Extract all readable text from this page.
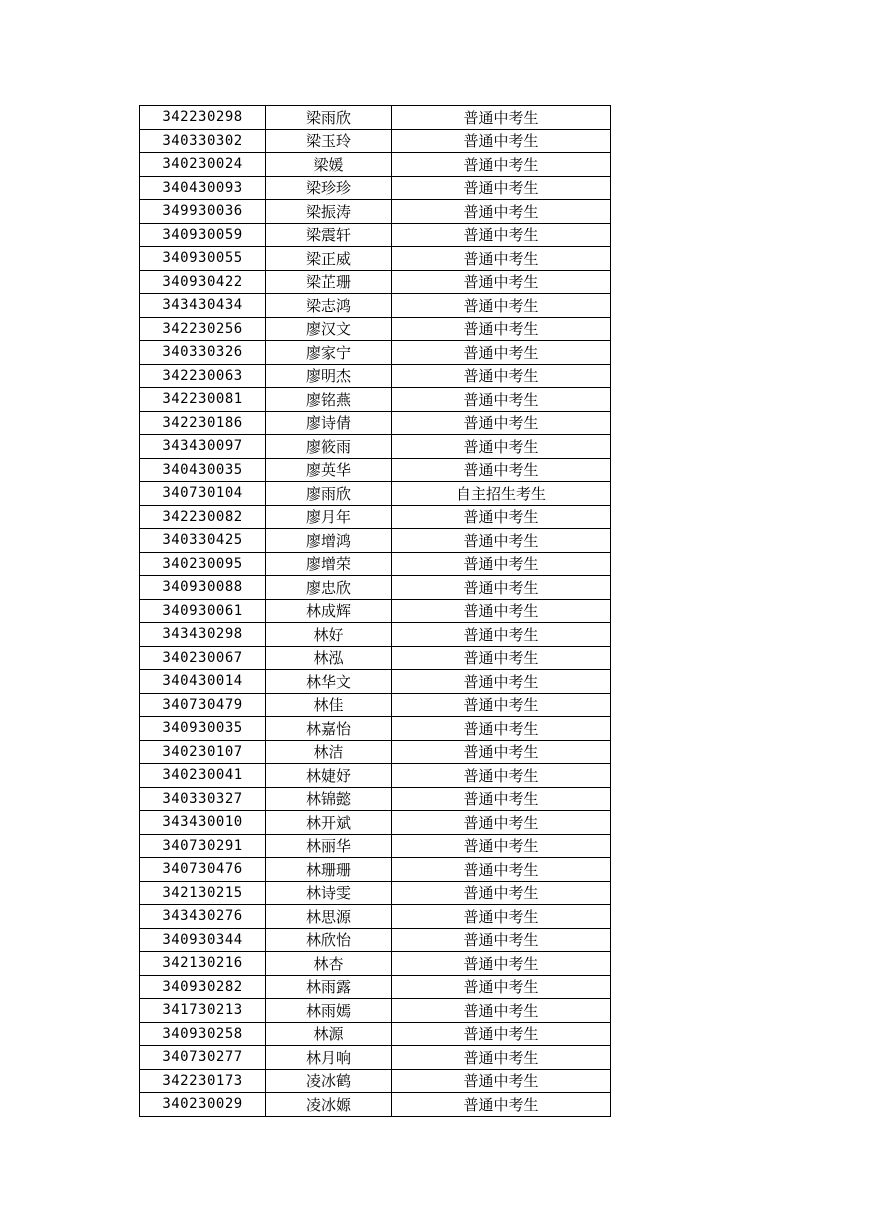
342230298	梁雨欣	普通中考生
340330302	梁玉玲	普通中考生
340230024	梁媛	普通中考生
340430093	梁珍珍	普通中考生
349930036	梁振涛	普通中考生
340930059	梁震轩	普通中考生
340930055	梁正威	普通中考生
340930422	梁芷珊	普通中考生
343430434	梁志鸿	普通中考生
342230256	廖汉文	普通中考生
340330326	廖家宁	普通中考生
342230063	廖明杰	普通中考生
342230081	廖铭燕	普通中考生
342230186	廖诗倩	普通中考生
343430097	廖筱雨	普通中考生
340430035	廖英华	普通中考生
340730104	廖雨欣	自主招生考生
342230082	廖月年	普通中考生
340330425	廖增鸿	普通中考生
340230095	廖增荣	普通中考生
340930088	廖忠欣	普通中考生
340930061	林成辉	普通中考生
343430298	林好	普通中考生
340230067	林泓	普通中考生
340430014	林华文	普通中考生
340730479	林佳	普通中考生
340930035	林嘉怡	普通中考生
340230107	林洁	普通中考生
340230041	林婕妤	普通中考生
340330327	林锦懿	普通中考生
343430010	林开斌	普通中考生
340730291	林丽华	普通中考生
340730476	林珊珊	普通中考生
342130215	林诗雯	普通中考生
343430276	林思源	普通中考生
340930344	林欣怡	普通中考生
342130216	林杏	普通中考生
340930282	林雨露	普通中考生
341730213	林雨嫣	普通中考生
340930258	林源	普通中考生
340730277	林月响	普通中考生
342230173	凌冰鹤	普通中考生
340230029	凌冰嫄	普通中考生
